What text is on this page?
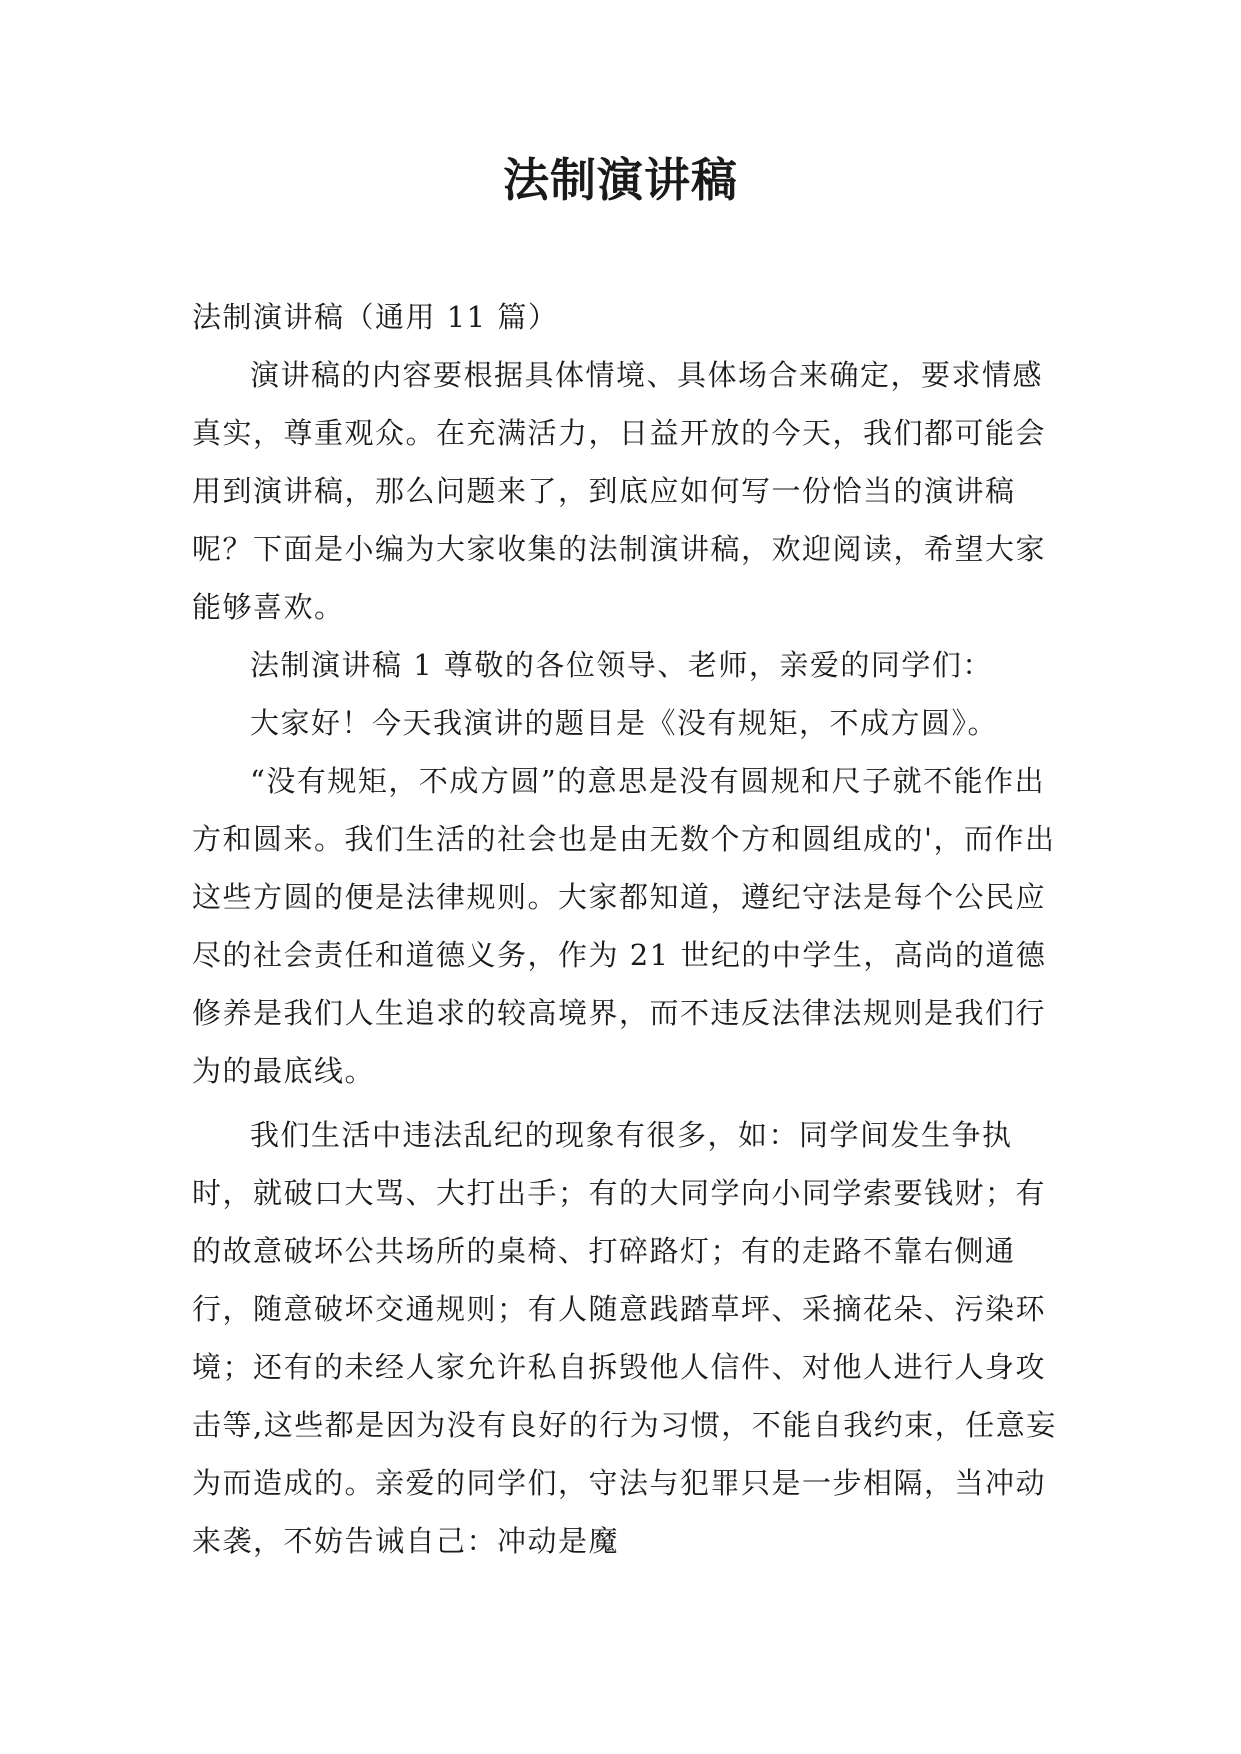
法制演讲稿

法制演讲稿（通用 11 篇）

演讲稿的内容要根据具体情境、具体场合来确定，要求情感真实，尊重观众。在充满活力，日益开放的今天，我们都可能会用到演讲稿，那么问题来了，到底应如何写一份恰当的演讲稿呢？下面是小编为大家收集的法制演讲稿，欢迎阅读，希望大家能够喜欢。

法制演讲稿 1 尊敬的各位领导、老师，亲爱的同学们：

大家好！今天我演讲的题目是《没有规矩，不成方圆》。

“没有规矩，不成方圆”的意思是没有圆规和尺子就不能作出方和圆来。我们生活的社会也是由无数个方和圆组成的'，而作出这些方圆的便是法律规则。大家都知道，遵纪守法是每个公民应尽的社会责任和道德义务，作为 21 世纪的中学生，高尚的道德修养是我们人生追求的较高境界，而不违反法律法规则是我们行为的最底线。

我们生活中违法乱纪的现象有很多，如：同学间发生争执时，就破口大骂、大打出手；有的大同学向小同学索要钱财；有的故意破坏公共场所的桌椅、打碎路灯；有的走路不靠右侧通行，随意破坏交通规则；有人随意践踏草坪、采摘花朵、污染环境；还有的未经人家允许私自拆毁他人信件、对他人进行人身攻击等,这些都是因为没有良好的行为习惯，不能自我约束，任意妄为而造成的。亲爱的同学们，守法与犯罪只是一步相隔，当冲动来袭，不妨告诫自己：冲动是魔
